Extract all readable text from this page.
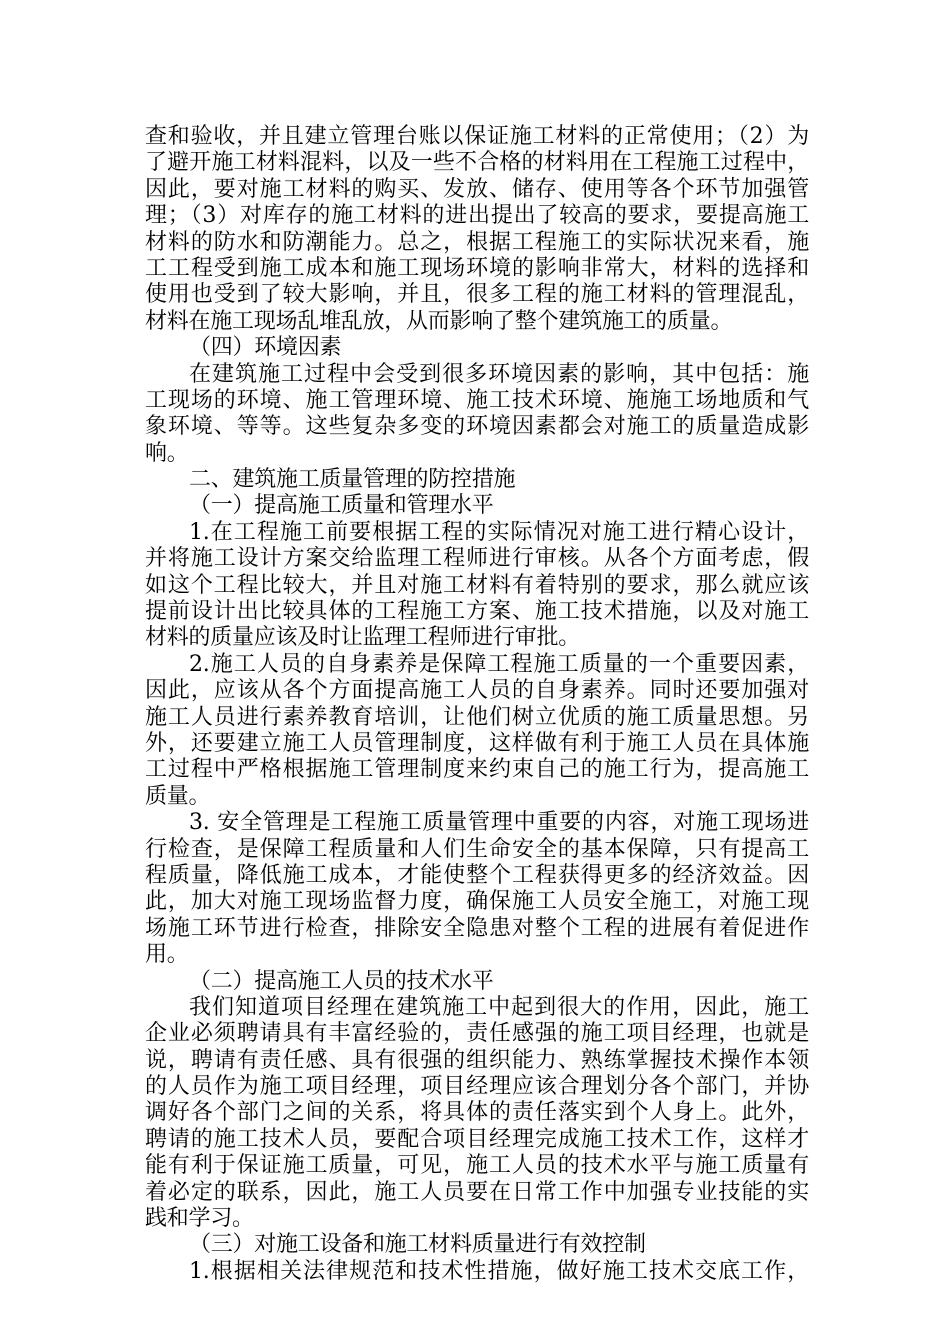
查和验收，并且建立管理台账以保证施工材料的正常使用；（2）为
了避开施工材料混料，以及一些不合格的材料用在工程施工过程中，
因此，要对施工材料的购买、发放、储存、使用等各个环节加强管
理；（3）对库存的施工材料的进出提出了较高的要求，要提高施工
材料的防水和防潮能力。总之，根据工程施工的实际状况来看，施
工工程受到施工成本和施工现场环境的影响非常大，材料的选择和
使用也受到了较大影响，并且，很多工程的施工材料的管理混乱，
材料在施工现场乱堆乱放，从而影响了整个建筑施工的质量。
（四）环境因素
在建筑施工过程中会受到很多环境因素的影响，其中包括：施
工现场的环境、施工管理环境、施工技术环境、施施工场地质和气
象环境、等等。这些复杂多变的环境因素都会对施工的质量造成影
响。
二、建筑施工质量管理的防控措施
（一）提高施工质量和管理水平
1.在工程施工前要根据工程的实际情况对施工进行精心设计，
并将施工设计方案交给监理工程师进行审核。从各个方面考虑，假
如这个工程比较大，并且对施工材料有着特别的要求，那么就应该
提前设计出比较具体的工程施工方案、施工技术措施，以及对施工
材料的质量应该及时让监理工程师进行审批。
2.施工人员的自身素养是保障工程施工质量的一个重要因素，
因此，应该从各个方面提高施工人员的自身素养。同时还要加强对
施工人员进行素养教育培训，让他们树立优质的施工质量思想。另
外，还要建立施工人员管理制度，这样做有利于施工人员在具体施
工过程中严格根据施工管理制度来约束自己的施工行为，提高施工
质量。
3. 安全管理是工程施工质量管理中重要的内容，对施工现场进
行检查，是保障工程质量和人们生命安全的基本保障，只有提高工
程质量，降低施工成本，才能使整个工程获得更多的经济效益。因
此，加大对施工现场监督力度，确保施工人员安全施工，对施工现
场施工环节进行检查，排除安全隐患对整个工程的进展有着促进作
用。
（二）提高施工人员的技术水平
我们知道项目经理在建筑施工中起到很大的作用，因此，施工
企业必须聘请具有丰富经验的，责任感强的施工项目经理，也就是
说，聘请有责任感、具有很强的组织能力、熟练掌握技术操作本领
的人员作为施工项目经理，项目经理应该合理划分各个部门，并协
调好各个部门之间的关系，将具体的责任落实到个人身上。此外，
聘请的施工技术人员，要配合项目经理完成施工技术工作，这样才
能有利于保证施工质量，可见，施工人员的技术水平与施工质量有
着必定的联系，因此，施工人员要在日常工作中加强专业技能的实
践和学习。
（三）对施工设备和施工材料质量进行有效控制
1.根据相关法律规范和技术性措施，做好施工技术交底工作，
